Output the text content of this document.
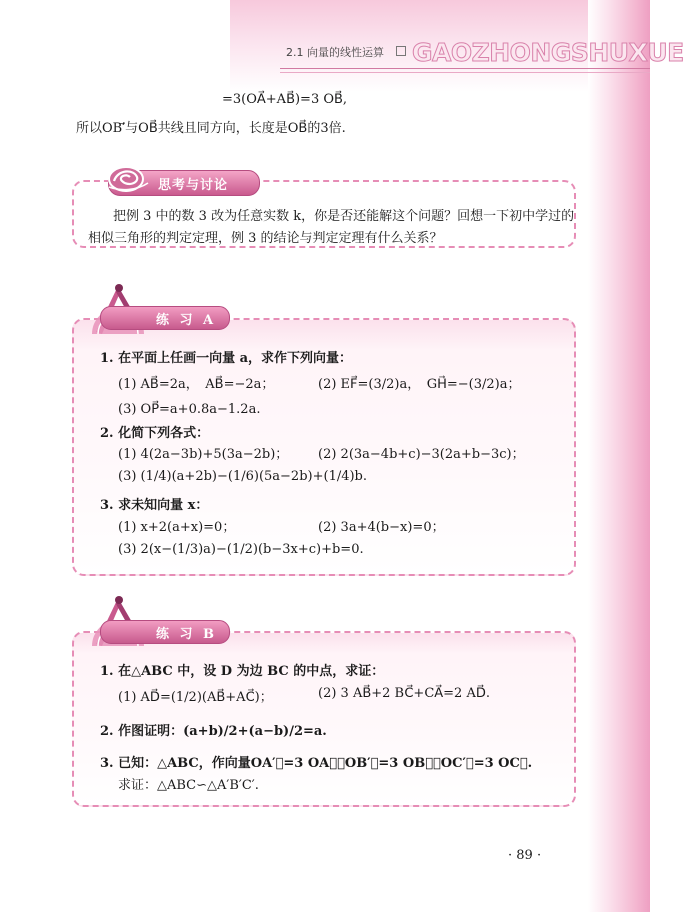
2.1 向量的线性运算 GAOZHONGSHUXUE
=3(OA⃗+AB⃗)=3 OB⃗,
所以OB′⃗与OB⃗共线且同方向，长度是OB⃗的3倍.
思考与讨论
把例 3 中的数 3 改为任意实数 k，你是否还能解这个问题？回想一下初中学过的
相似三角形的判定定理，例 3 的结论与判定定理有什么关系？
练 习 A
1. 在平面上任画一向量 a，求作下列向量：
(1) AB⃗=2a，　AB⃗=−2a；	(2) EF⃗=(3/2)a，　GH⃗=−(3/2)a；
(3) OP⃗=a+0.8a−1.2a.
2. 化简下列各式：
(1) 4(2a−3b)+5(3a−2b)； (2) 2(3a−4b+c)−3(2a+b−3c)；
(3) (1/4)(a+2b)−(1/6)(5a−2b)+(1/4)b.
3. 求未知向量 x：
(1) x+2(a+x)=0；	(2) 3a+4(b−x)=0；
(3) 2(x−(1/3)a)−(1/2)(b−3x+c)+b=0.
练 习 B
1. 在△ABC 中，设 D 为边 BC 的中点，求证：
(1) AD⃗=(1/2)(AB⃗+AC⃗)；	(2) 3 AB⃗+2 BC⃗+CA⃗=2 AD⃗.
2. 作图证明：(a+b)/2+(a−b)/2=a.
3. 已知：△ABC，作向量OA′⃗=3 OA⃗，OB′⃗=3 OB⃗，OC′⃗=3 OC⃗.
求证：△ABC∽△A′B′C′.
· 89 ·
